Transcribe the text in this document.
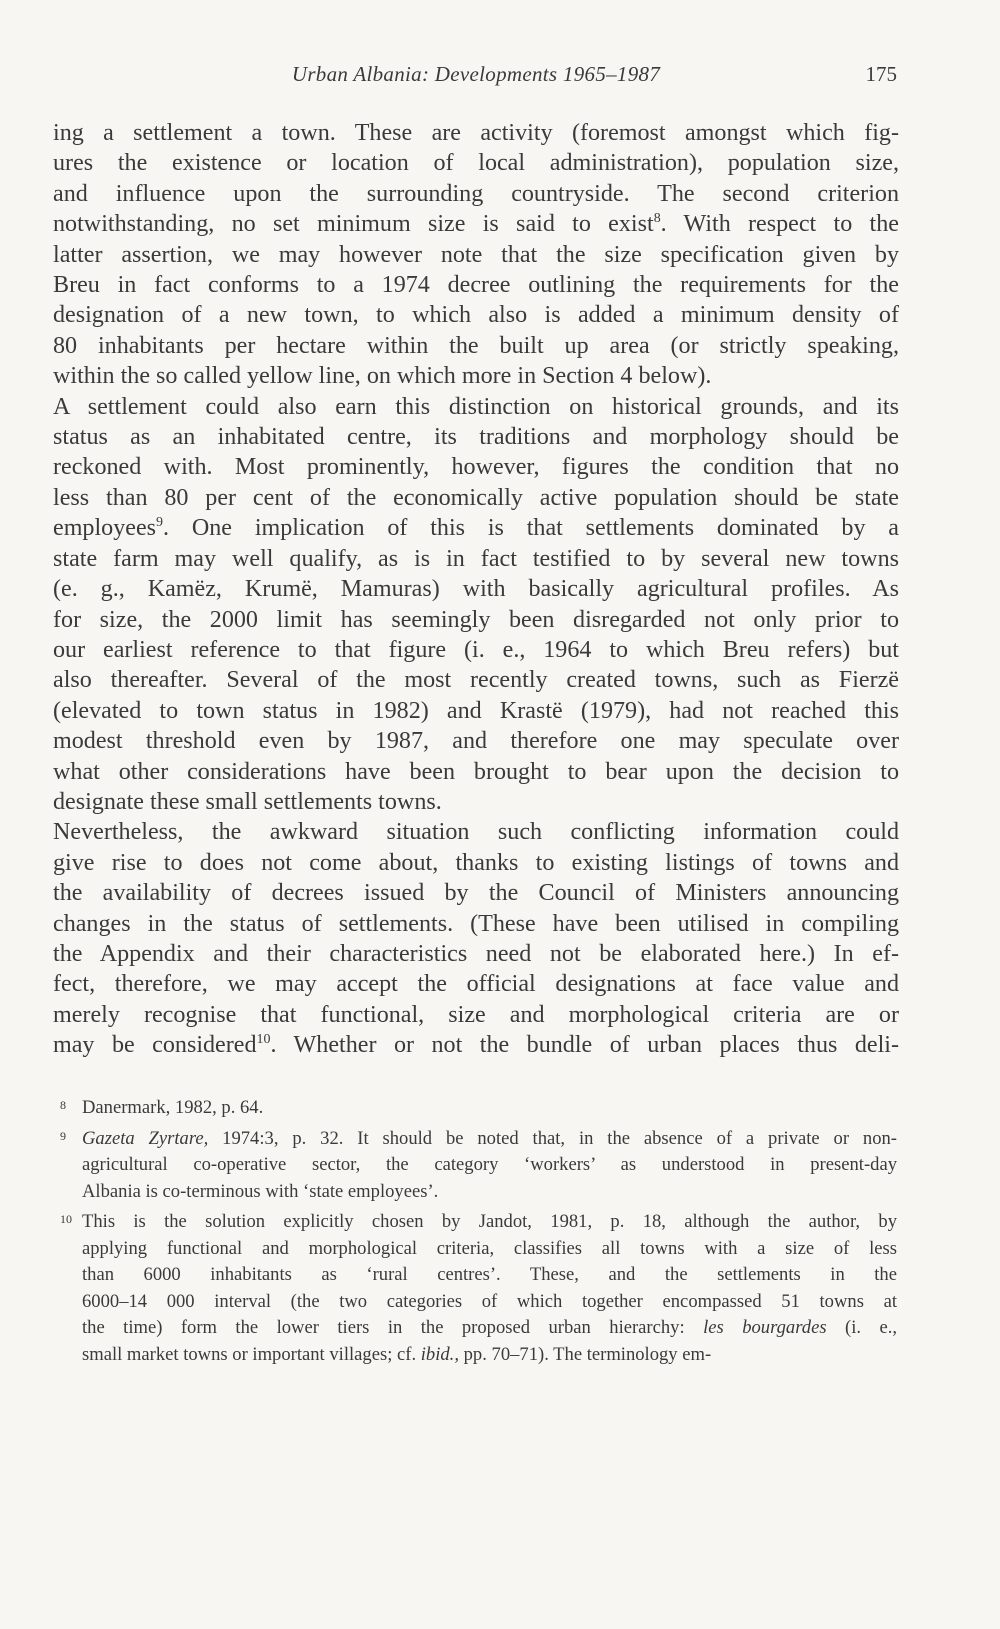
Urban Albania: Developments 1965–1987	175

ing a settlement a town. These are activity (foremost amongst which fig-

ures the existence or location of local administration), population size,

and influence upon the surrounding countryside. The second criterion

notwithstanding, no set minimum size is said to exist$^8$. With respect to the

latter assertion, we may however note that the size specification given by

Breu in fact conforms to a 1974 decree outlining the requirements for the

designation of a new town, to which also is added a minimum density of

80 inhabitants per hectare within the built up area (or strictly speaking,

within the so called yellow line, on which more in Section 4 below).

A settlement could also earn this distinction on historical grounds, and its

status as an inhabitated centre, its traditions and morphology should be

reckoned with. Most prominently, however, figures the condition that no

less than 80 per cent of the economically active population should be state

employees$^9$. One implication of this is that settlements dominated by a

state farm may well qualify, as is in fact testified to by several new towns

(e. g., Kamëz, Krumë, Mamuras) with basically agricultural profiles. As

for size, the 2000 limit has seemingly been disregarded not only prior to

our earliest reference to that figure (i. e., 1964 to which Breu refers) but

also thereafter. Several of the most recently created towns, such as Fierzë

(elevated to town status in 1982) and Krastë (1979), had not reached this

modest threshold even by 1987, and therefore one may speculate over

what other considerations have been brought to bear upon the decision to

designate these small settlements towns.

Nevertheless, the awkward situation such conflicting information could

give rise to does not come about, thanks to existing listings of towns and

the availability of decrees issued by the Council of Ministers announcing

changes in the status of settlements. (These have been utilised in compiling

the Appendix and their characteristics need not be elaborated here.) In ef-

fect, therefore, we may accept the official designations at face value and

merely recognise that functional, size and morphological criteria are or

may be considered$^{10}$. Whether or not the bundle of urban places thus deli-

8 Danermark, 1982, p. 64.

9 Gazeta Zyrtare, 1974:3, p. 32. It should be noted that, in the absence of a private or non-

agricultural co-operative sector, the category ‘workers’ as understood in present-day

Albania is co-terminous with ‘state employees’.

10 This is the solution explicitly chosen by Jandot, 1981, p. 18, although the author, by

applying functional and morphological criteria, classifies all towns with a size of less

than 6000 inhabitants as ‘rural centres’. These, and the settlements in the

6000–14 000 interval (the two categories of which together encompassed 51 towns at

the time) form the lower tiers in the proposed urban hierarchy: les bourgardes (i. e.,

small market towns or important villages; cf. ibid., pp. 70–71). The terminology em-
